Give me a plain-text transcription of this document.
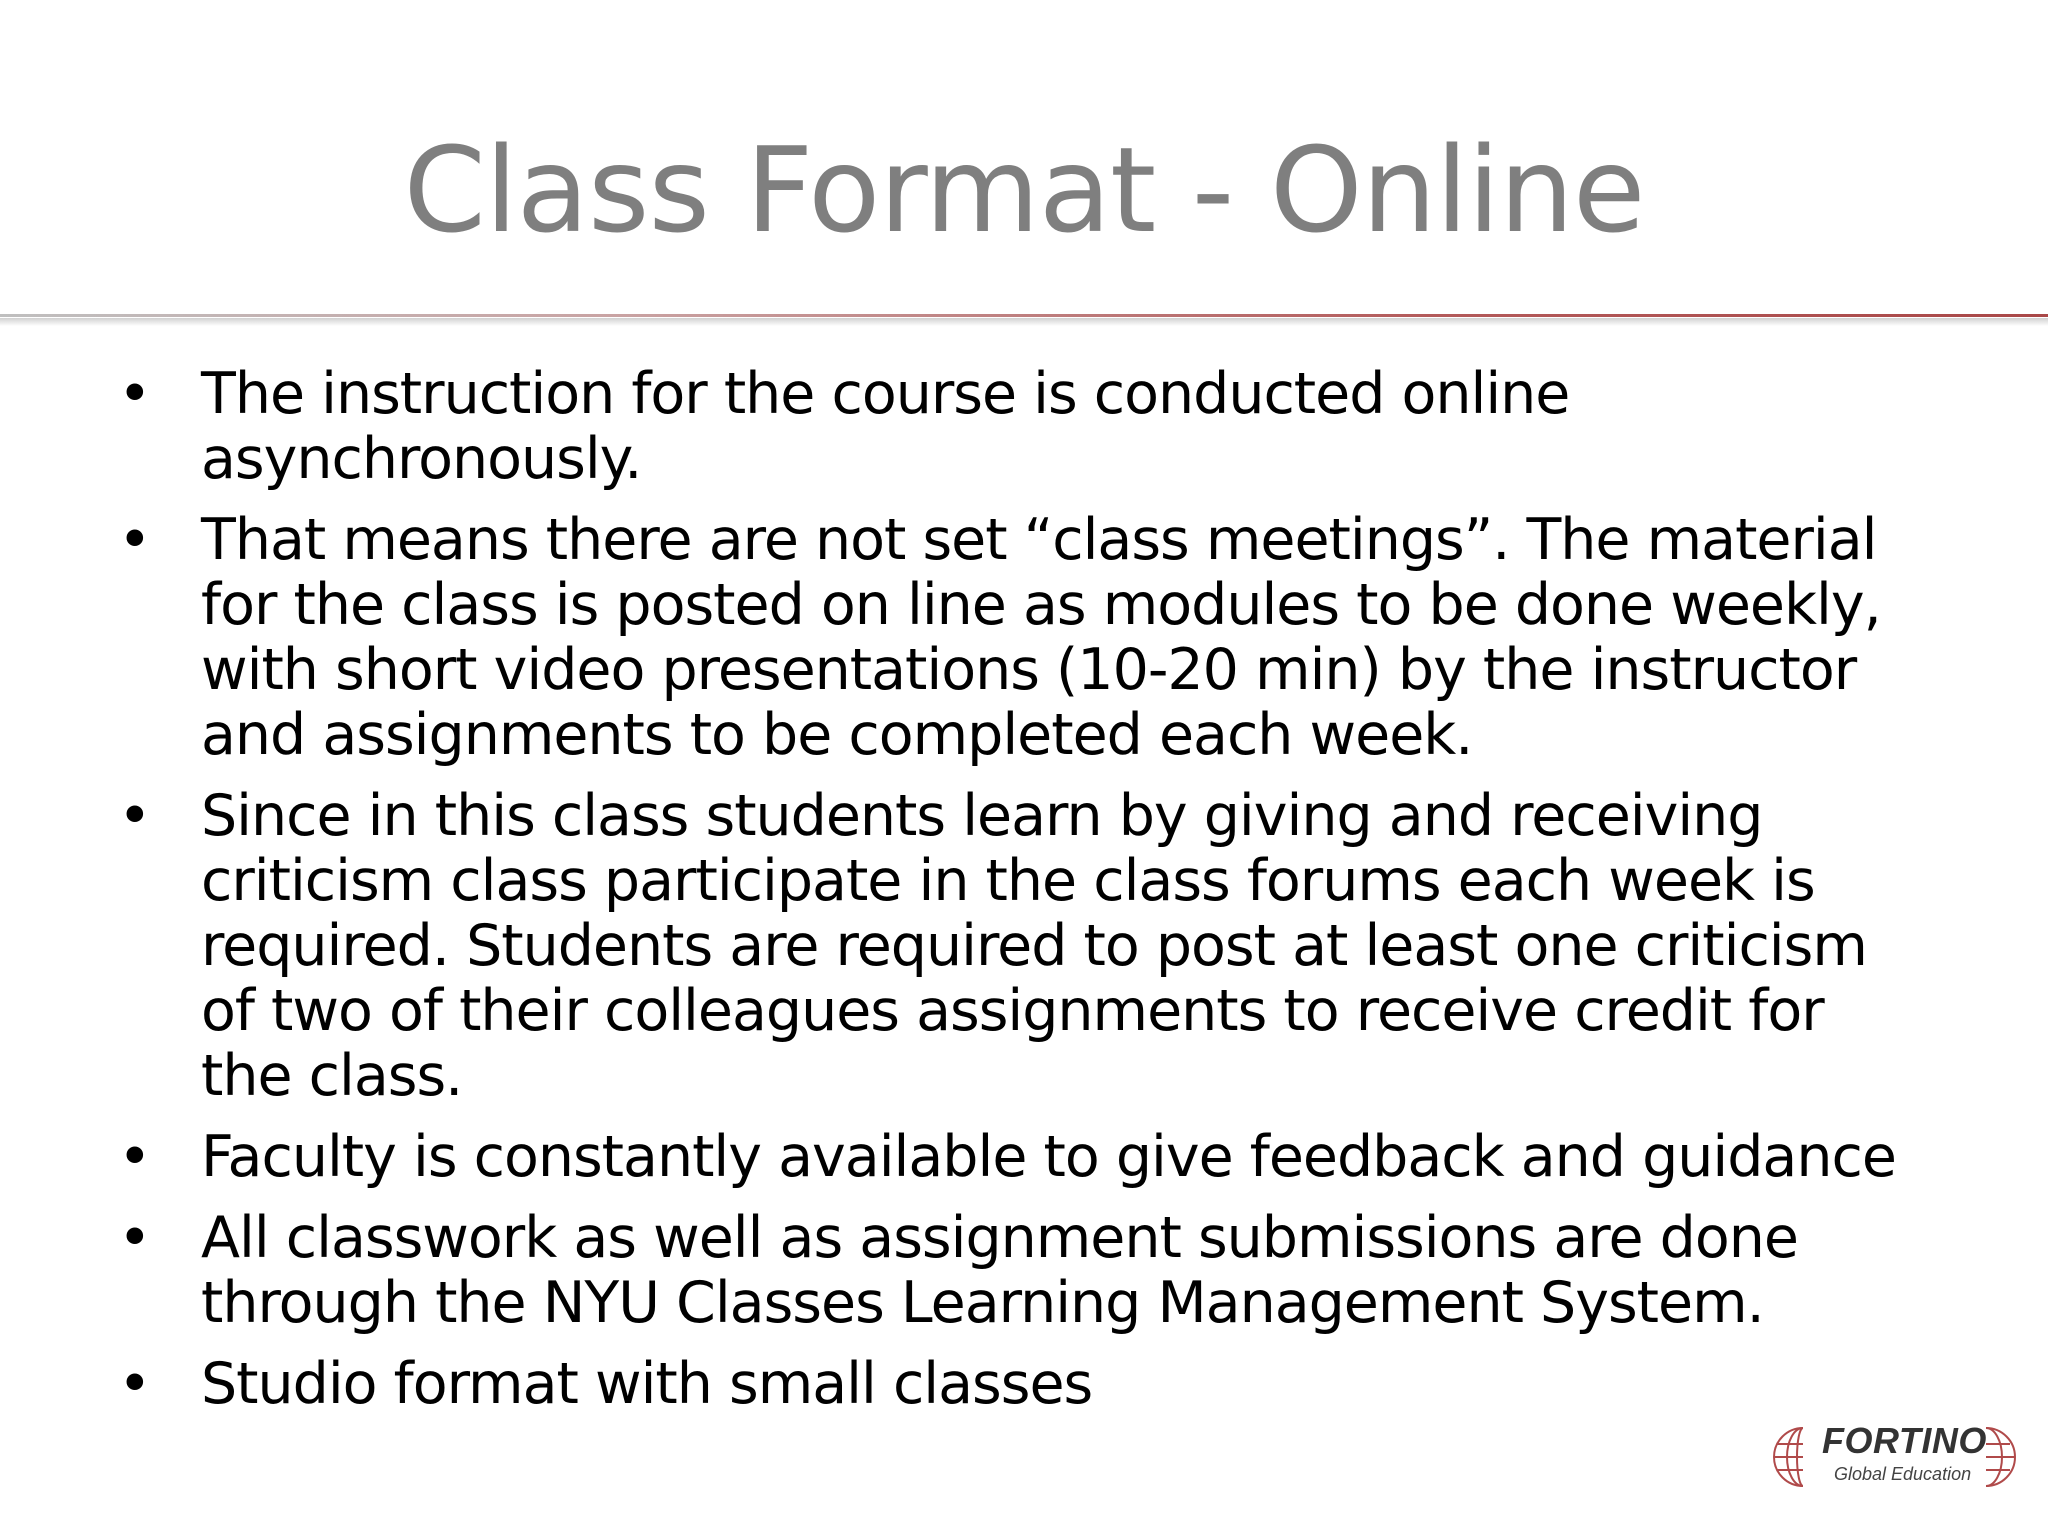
Class Format - Online
• The instruction for the course is conducted online asynchronously.
• That means there are not set “class meetings”. The material for the class is posted on line as modules to be done weekly, with short video presentations (10-20 min) by the instructor and assignments to be completed each week.
• Since in this class students learn by giving and receiving criticism class participate in the class forums each week is required. Students are required to post at least one criticism of two of their colleagues assignments to receive credit for the class.
• Faculty is constantly available to give feedback and guidance
• All classwork as well as assignment submissions are done through the NYU Classes Learning Management System.
• Studio format with small classes
FORTINO
Global Education
